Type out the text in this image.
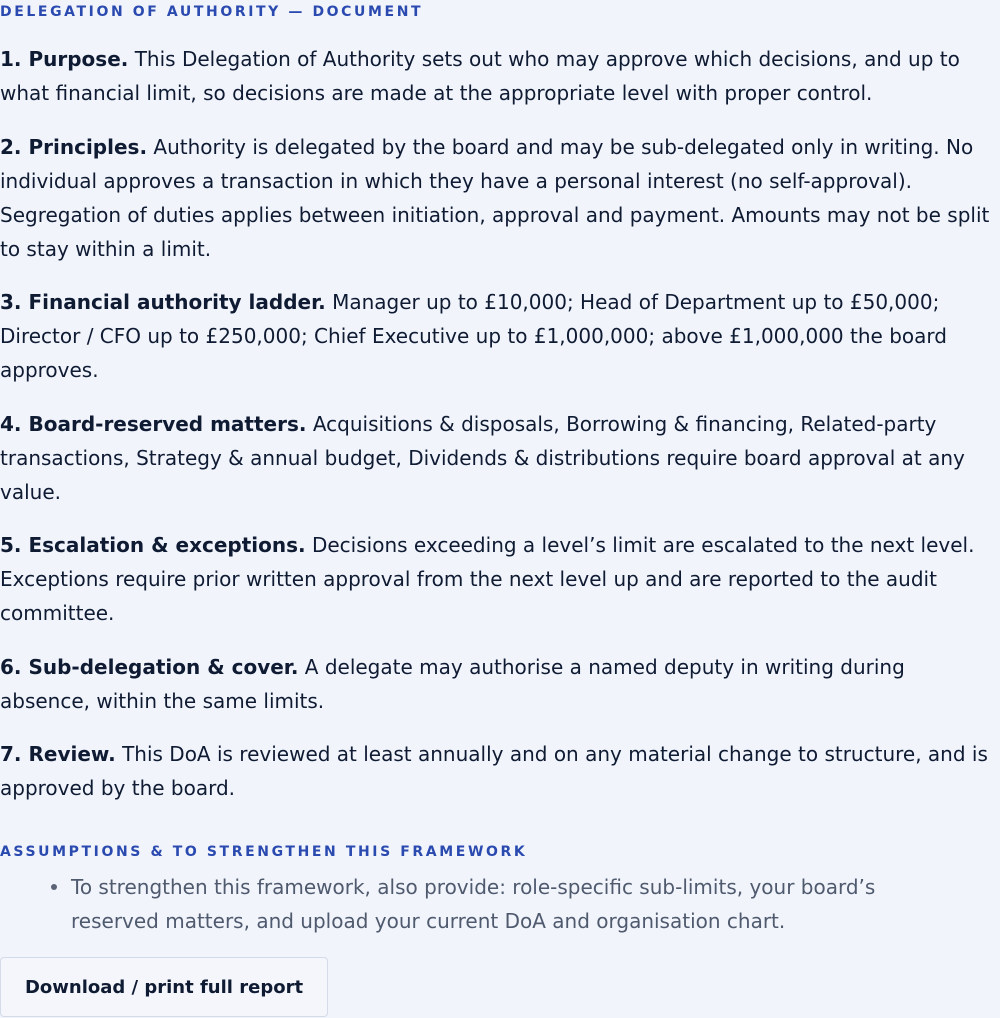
DELEGATION OF AUTHORITY — DOCUMENT

1. Purpose. This Delegation of Authority sets out who may approve which decisions, and up to what financial limit, so decisions are made at the appropriate level with proper control.

2. Principles. Authority is delegated by the board and may be sub-delegated only in writing. No individual approves a transaction in which they have a personal interest (no self-approval). Segregation of duties applies between initiation, approval and payment. Amounts may not be split to stay within a limit.

3. Financial authority ladder. Manager up to £10,000; Head of Department up to £50,000; Director / CFO up to £250,000; Chief Executive up to £1,000,000; above £1,000,000 the board approves.

4. Board-reserved matters. Acquisitions & disposals, Borrowing & financing, Related-party transactions, Strategy & annual budget, Dividends & distributions require board approval at any value.

5. Escalation & exceptions. Decisions exceeding a level’s limit are escalated to the next level. Exceptions require prior written approval from the next level up and are reported to the audit committee.

6. Sub-delegation & cover. A delegate may authorise a named deputy in writing during absence, within the same limits.

7. Review. This DoA is reviewed at least annually and on any material change to structure, and is approved by the board.

ASSUMPTIONS & TO STRENGTHEN THIS FRAMEWORK
To strengthen this framework, also provide: role-specific sub-limits, your board’s reserved matters, and upload your current DoA and organisation chart.
Download / print full report
